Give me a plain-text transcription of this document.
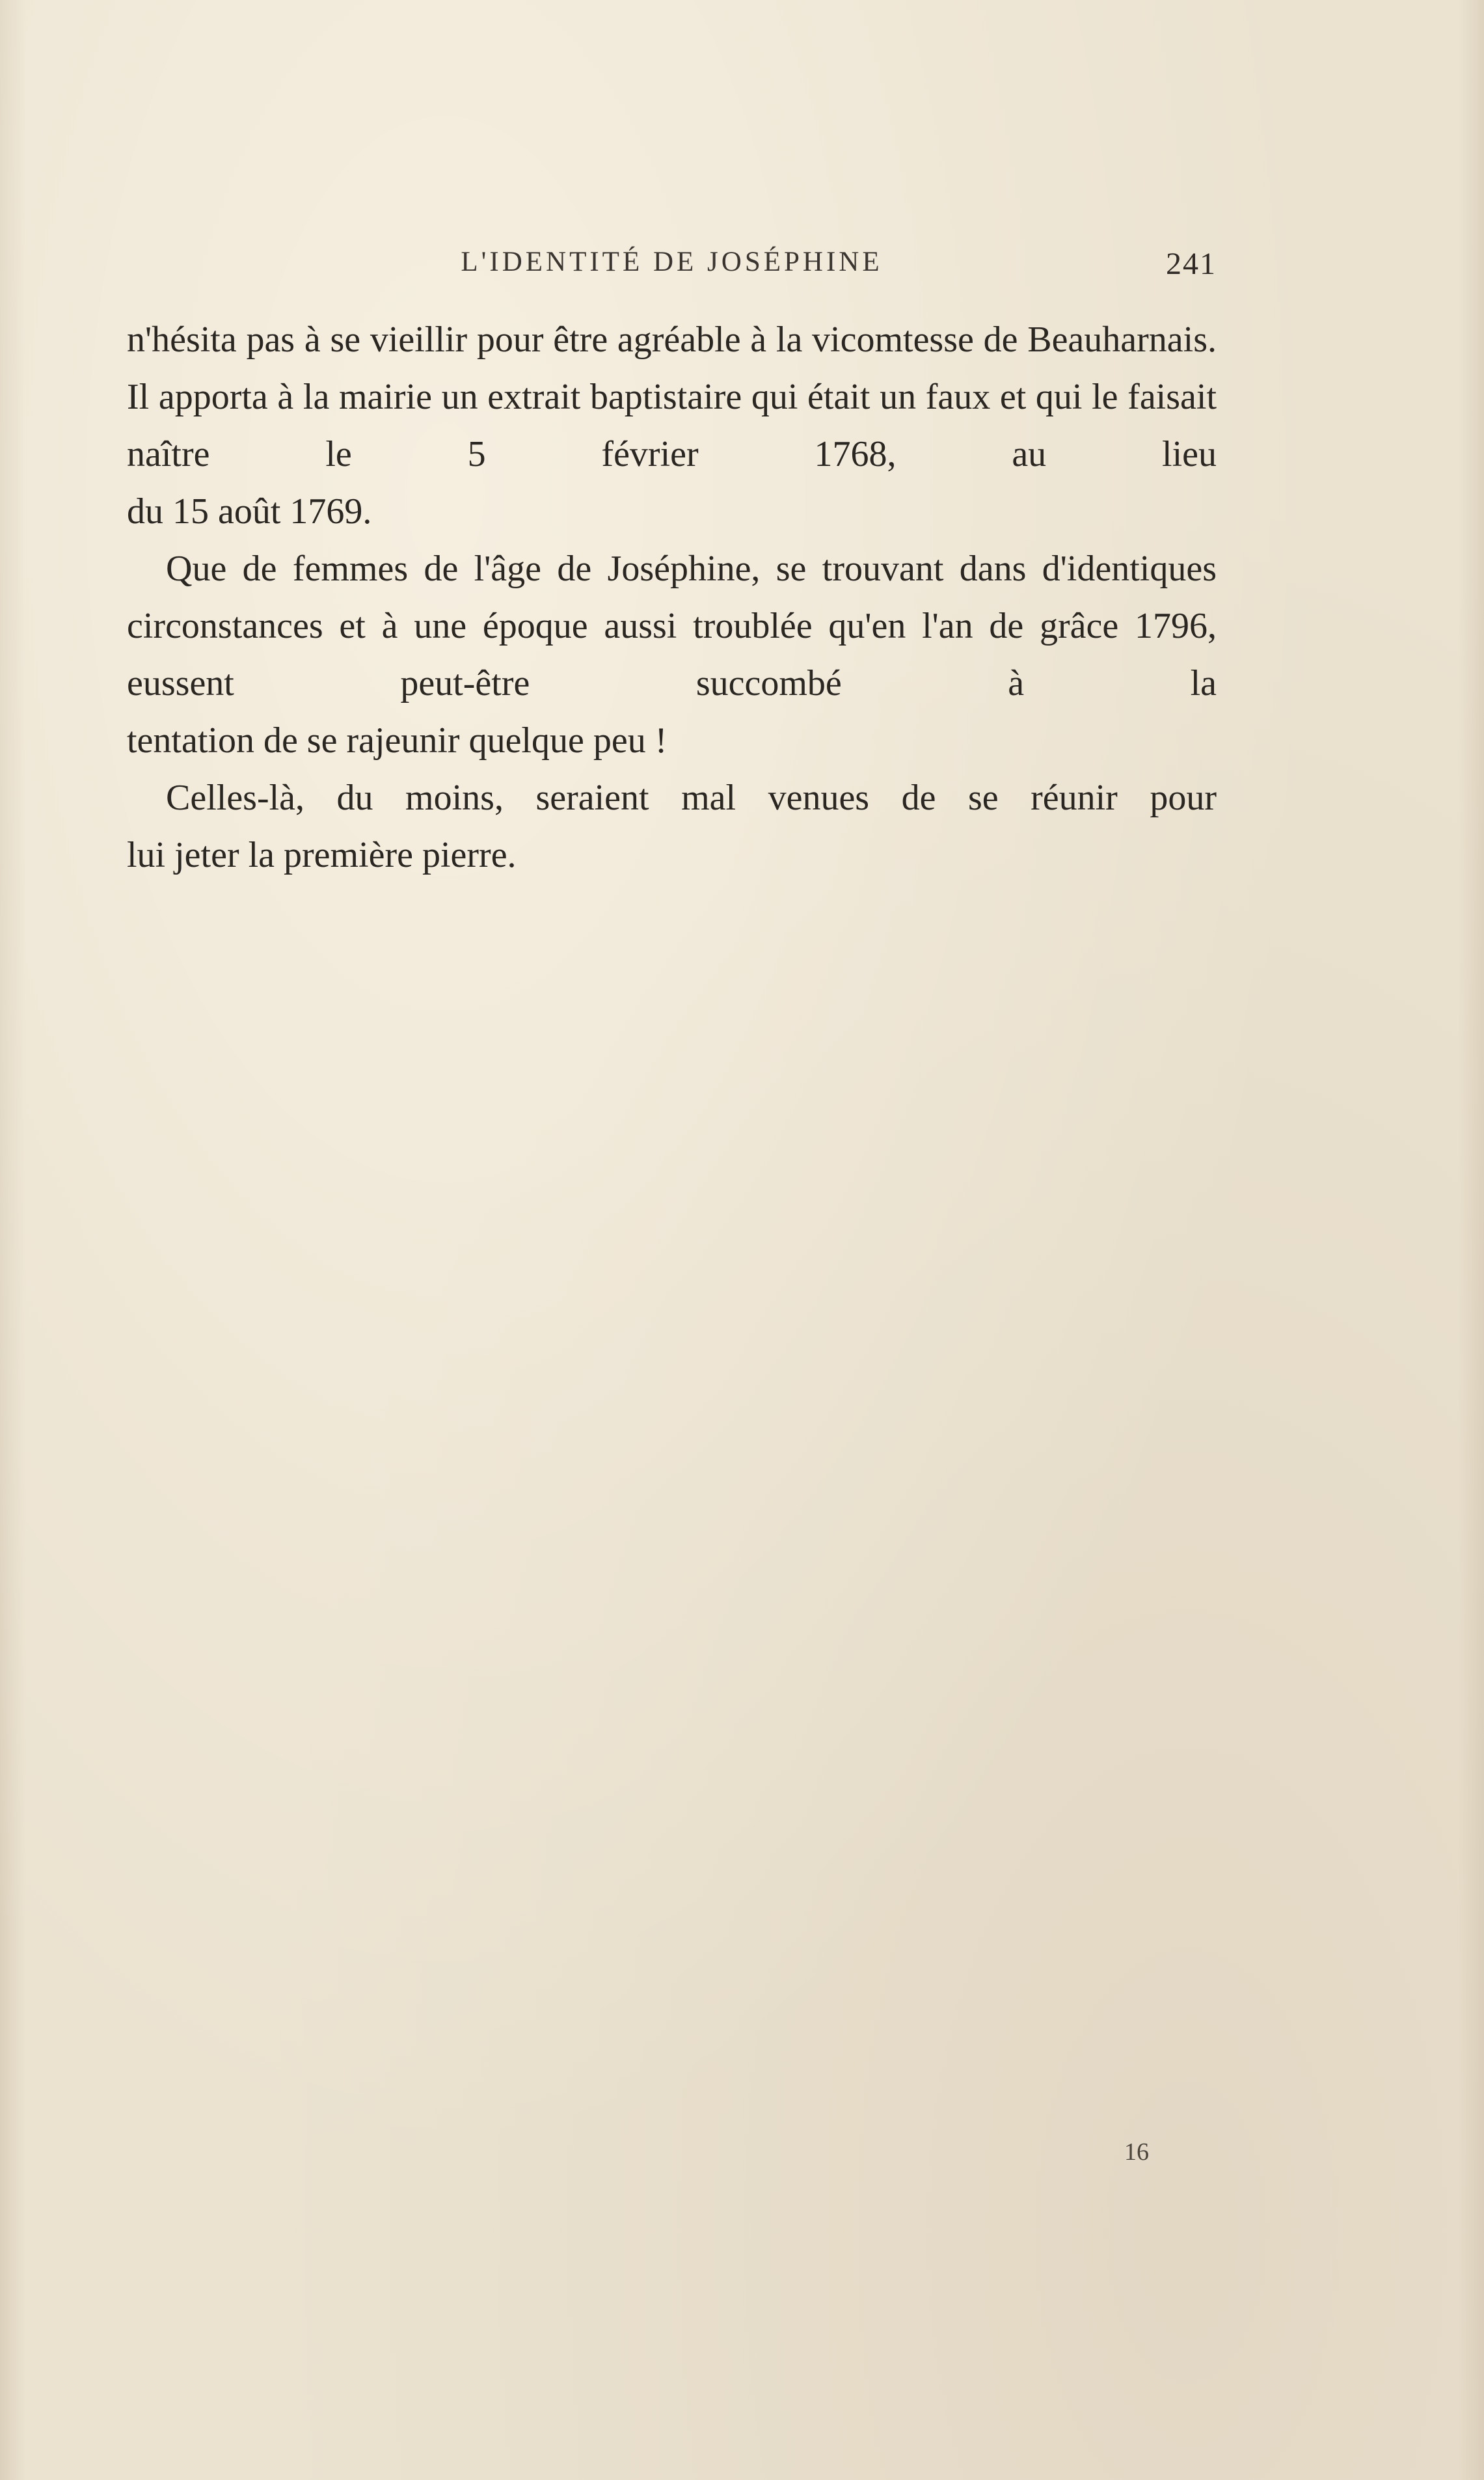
L'IDENTITÉ DE JOSÉPHINE	241

n'hésita pas à se vieillir pour être agréable à la vicomtesse de Beauharnais. Il apporta à la mairie un extrait baptistaire qui était un faux et qui le faisait naître le 5 février 1768, au lieu

du 15 août 1769.

Que de femmes de l'âge de Joséphine, se trouvant dans d'identiques circonstances et à une époque aussi troublée qu'en l'an de grâce 1796, eussent peut-être succombé à la

tentation de se rajeunir quelque peu !

Celles-là, du moins, seraient mal venues de se réunir pour

lui jeter la première pierre.

16
